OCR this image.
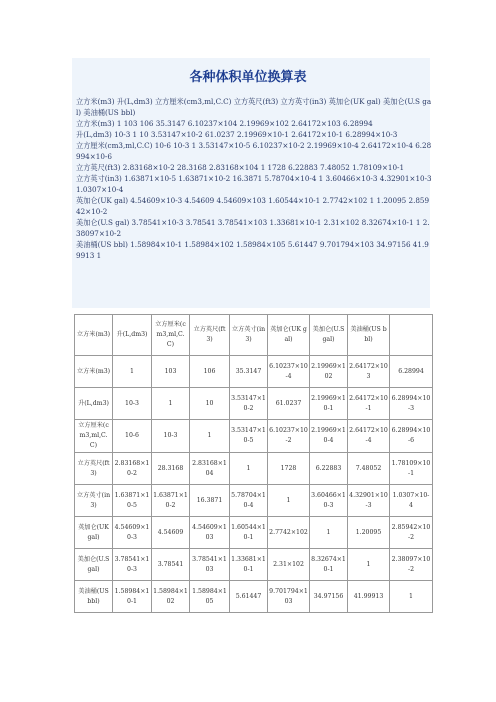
各种体积单位换算表
立方米(m3) 升(L,dm3) 立方厘米(cm3,ml,C.C) 立方英尺(ft3) 立方英寸(in3) 英加仑(UK gal) 美加仑(U.S gal) 美油桶(US bbl)
立方米(m3) 1 103 106 35.3147 6.10237×104 2.19969×102 2.64172×103 6.28994
升(L,dm3) 10-3 1 10 3.53147×10-2 61.0237 2.19969×10-1 2.64172×10-1 6.28994×10-3
立方厘米(cm3,ml,C.C) 10-6 10-3 1 3.53147×10-5 6.10237×10-2 2.19969×10-4 2.64172×10-4 6.28994×10-6
立方英尺(ft3) 2.83168×10-2 28.3168 2.83168×104 1 1728 6.22883 7.48052 1.78109×10-1
立方英寸(in3) 1.63871×10-5 1.63871×10-2 16.3871 5.78704×10-4 1 3.60466×10-3 4.32901×10-3 1.0307×10-4
英加仑(UK gal) 4.54609×10-3 4.54609 4.54609×103 1.60544×10-1 2.7742×102 1 1.20095 2.85942×10-2
美加仑(U.S gal) 3.78541×10-3 3.78541 3.78541×103 1.33681×10-1 2.31×102 8.32674×10-1 1 2.38097×10-2
美油桶(US bbl) 1.58984×10-1 1.58984×102 1.58984×105 5.61447 9.701794×103 34.97156 41.99913 1
立方米(m3)	升(L,dm3)	立方厘米(cm3,ml,C.C)	立方英尺(ft3)	立方英寸(in3)	英加仑(UK gal)	美加仑(U.S gal)	美油桶(US bbl)	
立方米(m3)	1	103	106	35.3147	6.10237×10-4	2.19969×102	2.64172×103	6.28994
升(L,dm3)	10-3	1	10	3.53147×10-2	61.0237	2.19969×10-1	2.64172×10-1	6.28994×10-3
立方厘米(cm3,ml,C.C)	10-6	10-3	1	3.53147×10-5	6.10237×10-2	2.19969×10-4	2.64172×10-4	6.28994×10-6
立方英尺(ft3)	2.83168×10-2	28.3168	2.83168×104	1	1728	6.22883	7.48052	1.78109×10-1
立方英寸(in3)	1.63871×10-5	1.63871×10-2	16.3871	5.78704×10-4	1	3.60466×10-3	4.32901×10-3	1.0307×10-4
英加仑(UK gal)	4.54609×10-3	4.54609	4.54609×103	1.60544×10-1	2.7742×102	1	1.20095	2.85942×10-2
美加仑(U.S gal)	3.78541×10-3	3.78541	3.78541×103	1.33681×10-1	2.31×102	8.32674×10-1	1	2.38097×10-2
美油桶(US bbl)	1.58984×10-1	1.58984×102	1.58984×105	5.61447	9.701794×103	34.97156	41.99913	1
